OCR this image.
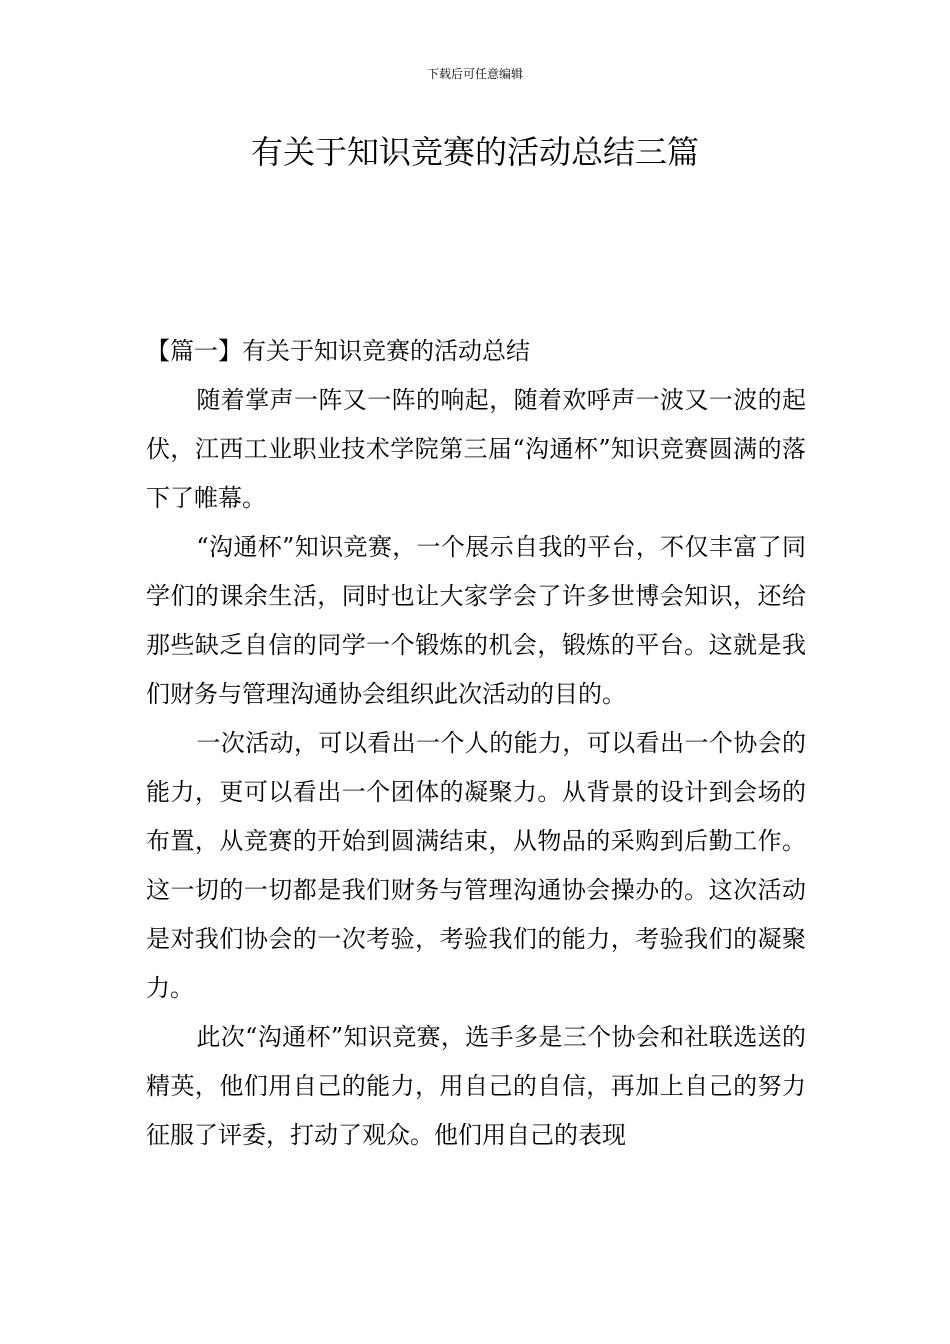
下载后可任意编辑
有关于知识竞赛的活动总结三篇
【篇一】有关于知识竞赛的活动总结

随着掌声一阵又一阵的响起，随着欢呼声一波又一波的起伏，江西工业职业技术学院第三届“沟通杯”知识竞赛圆满的落下了帷幕。

“沟通杯”知识竞赛，一个展示自我的平台，不仅丰富了同学们的课余生活，同时也让大家学会了许多世博会知识，还给那些缺乏自信的同学一个锻炼的机会，锻炼的平台。这就是我们财务与管理沟通协会组织此次活动的目的。

一次活动，可以看出一个人的能力，可以看出一个协会的能力，更可以看出一个团体的凝聚力。从背景的设计到会场的布置，从竞赛的开始到圆满结束，从物品的采购到后勤工作。这一切的一切都是我们财务与管理沟通协会操办的。这次活动是对我们协会的一次考验，考验我们的能力，考验我们的凝聚力。

此次“沟通杯”知识竞赛，选手多是三个协会和社联选送的精英，他们用自己的能力，用自己的自信，再加上自己的努力征服了评委，打动了观众。他们用自己的表现
